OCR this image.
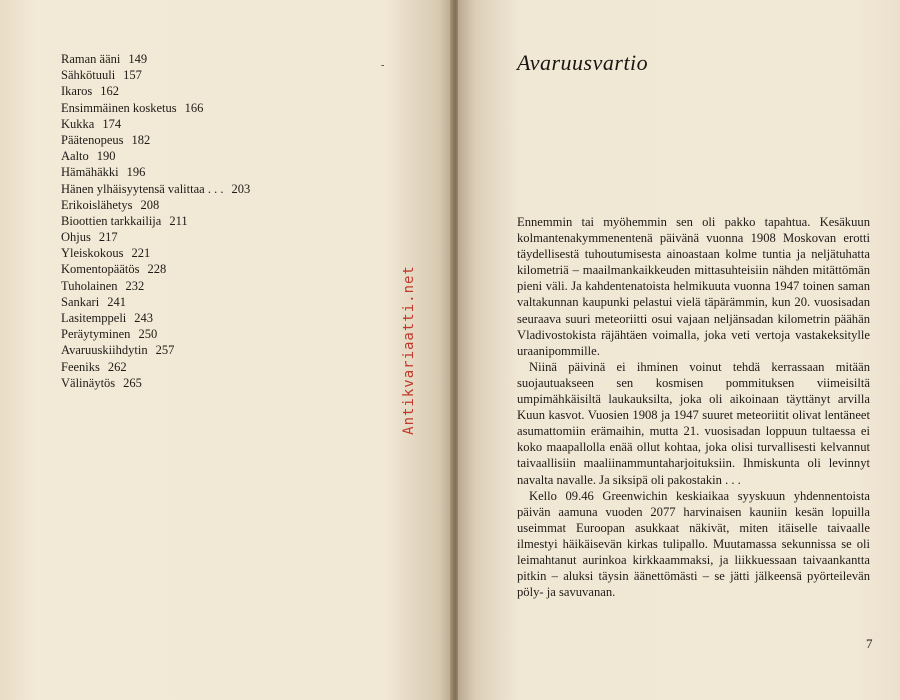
Raman ääni 149
Sähkötuuli 157
Ikaros 162
Ensimmäinen kosketus 166
Kukka 174
Päätenopeus 182
Aalto 190
Hämähäkki 196
Hänen ylhäisyytensä valittaa . . . 203
Erikoislähetys 208
Bioottien tarkkailija 211
Ohjus 217
Yleiskokous 221
Komentopäätös 228
Tuholainen 232
Sankari 241
Lasitemppeli 243
Peräytyminen 250
Avaruuskiihdytin 257
Feeniks 262
Välinäytös 265
-
Antikvariaatti.net
Avaruusvartio

Ennemmin tai myöhemmin sen oli pakko tapahtua. Kesäkuun kolmantenakymmenentenä päivänä vuonna 1908 Moskovan erotti täydellisestä tuhoutumisesta ainoastaan kolme tuntia ja neljätuhatta kilometriä – maailmankaikkeuden mittasuhteisiin nähden mitättömän pieni väli. Ja kahdentenatoista helmikuuta vuonna 1947 toinen saman valtakunnan kaupunki pelastui vielä täpärämmin, kun 20. vuosisadan seuraava suuri meteoriitti osui vajaan neljänsadan kilometrin päähän Vladivostokista räjähtäen voimalla, joka veti vertoja vastakeksitylle uraanipommille.

Niinä päivinä ei ihminen voinut tehdä kerrassaan mitään suojautuakseen sen kosmisen pommituksen viimeisiltä umpimähkäisiltä laukauksilta, joka oli aikoinaan täyttänyt arvilla Kuun kasvot. Vuosien 1908 ja 1947 suuret meteoriitit olivat lentäneet asumattomiin erämaihin, mutta 21. vuosisadan loppuun tultaessa ei koko maapallolla enää ollut kohtaa, joka olisi turvallisesti kelvannut taivaallisiin maaliinammuntaharjoituksiin. Ihmiskunta oli levinnyt navalta navalle. Ja siksipä oli pakostakin . . .

Kello 09.46 Greenwichin keskiaikaa syyskuun yhdennentoista päivän aamuna vuoden 2077 harvinaisen kauniin kesän lopuilla useimmat Euroopan asukkaat näkivät, miten itäiselle taivaalle ilmestyi häikäisevän kirkas tulipallo. Muutamassa sekunnissa se oli leimahtanut aurinkoa kirkkaammaksi, ja liikkuessaan taivaankantta pitkin – aluksi täysin äänettömästi – se jätti jälkeensä pyörteilevän pöly- ja savuvanan.

7
